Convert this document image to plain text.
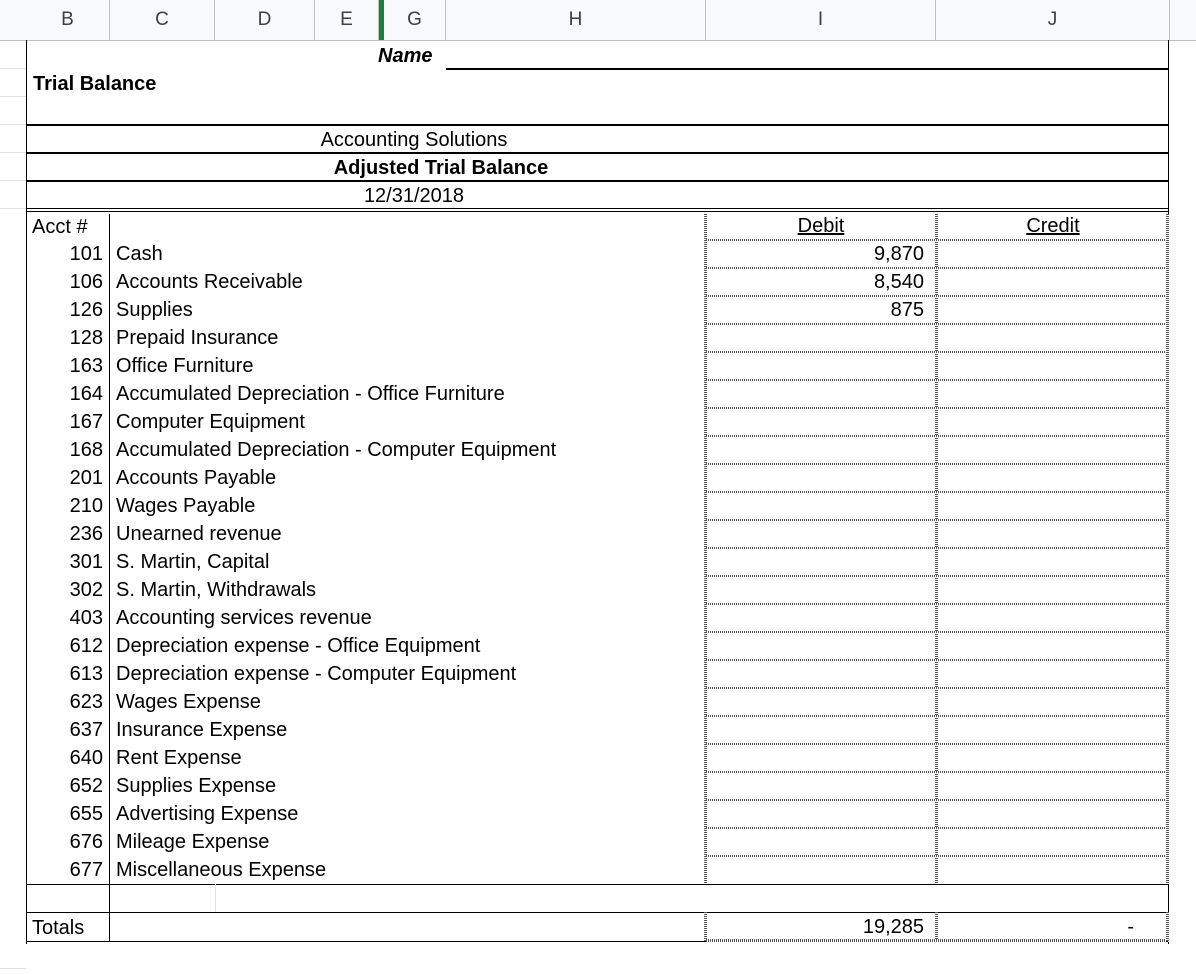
B	C	D	E	G	H	I	J
Name
Trial Balance
Accounting Solutions
Adjusted Trial Balance
12/31/2018
Acct #	Debit	Credit
101 Cash	9,870
106 Accounts Receivable	8,540
126 Supplies	875
128 Prepaid Insurance
163 Office Furniture
164 Accumulated Depreciation - Office Furniture
167 Computer Equipment
168 Accumulated Depreciation - Computer Equipment
201 Accounts Payable
210 Wages Payable
236 Unearned revenue
301 S. Martin, Capital
302 S. Martin, Withdrawals
403 Accounting services revenue
612 Depreciation expense - Office Equipment
613 Depreciation expense - Computer Equipment
623 Wages Expense
637 Insurance Expense
640 Rent Expense
652 Supplies Expense
655 Advertising Expense
676 Mileage Expense
677 Miscellaneous Expense
Totals	19,285	-
